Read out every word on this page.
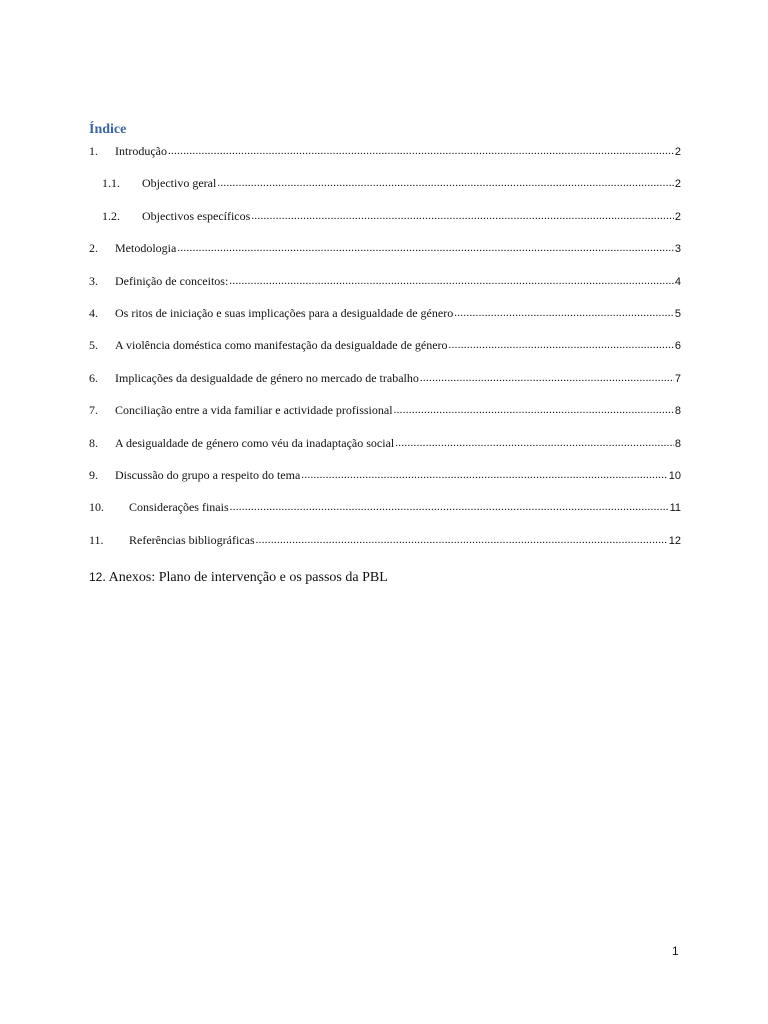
Índice
1.	Introdução .....	2
1.1.	Objectivo geral .....	2
1.2.	Objectivos específicos .....	2
2.	Metodologia .....	3
3.	Definição de conceitos: .....	4
4.	Os ritos de iniciação e suas implicações para a desigualdade de género .....	5
5.	A violência doméstica como manifestação da desigualdade de género .....	6
6.	Implicações da desigualdade de género no mercado de trabalho .....	7
7.	Conciliação entre a vida familiar e actividade profissional .....	8
8.	A desigualdade de género como véu da inadaptação social .....	8
9.	Discussão do grupo a respeito do tema .....	10
10.	Considerações finais .....	11
11.	Referências bibliográficas .....	12
12. Anexos: Plano de intervenção e os passos da PBL
1
